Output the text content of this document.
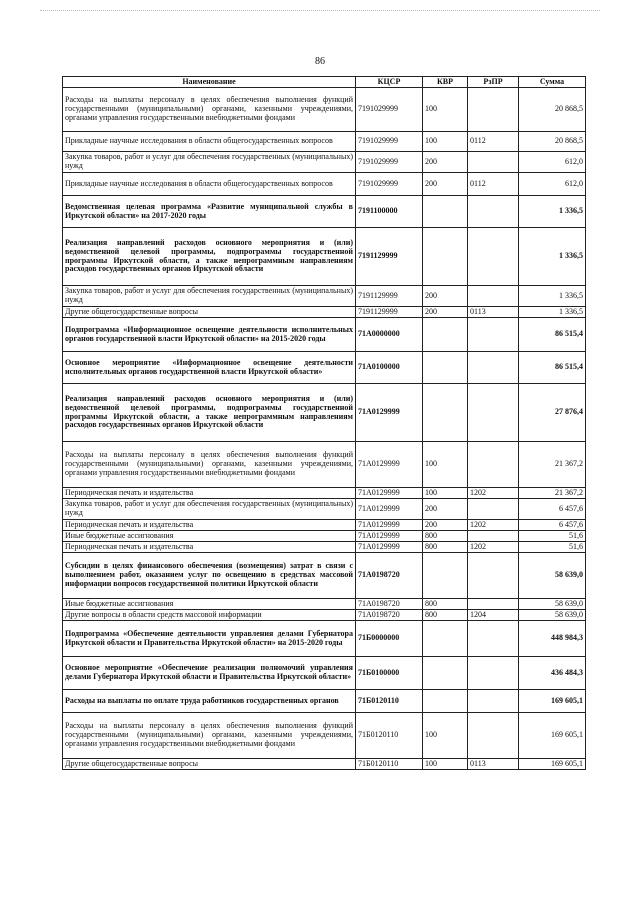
86
Наименование	КЦСР	КВР	РзПР	Сумма
Расходы на выплаты персоналу в целях обеспечения выполнения функций государственными (муниципальными) органами, казенными учреждениями, органами управления государственными внебюджетными фондами	7191029999	100		20 868,5
Прикладные научные исследования в области общегосударственных вопросов	7191029999	100	0112	20 868,5
Закупка товаров, работ и услуг для обеспечения государственных (муниципальных) нужд	7191029999	200		612,0
Прикладные научные исследования в области общегосударственных вопросов	7191029999	200	0112	612,0
Ведомственная целевая программа «Развитие муниципальной службы в Иркутской области» на 2017-2020 годы	7191100000			1 336,5
Реализация направлений расходов основного мероприятия и (или) ведомственной целевой программы, подпрограммы государственной программы Иркутской области, а также непрограммным направлениям расходов государственных органов Иркутской области	7191129999			1 336,5
Закупка товаров, работ и услуг для обеспечения государственных (муниципальных) нужд	7191129999	200		1 336,5
Другие общегосударственные вопросы	7191129999	200	0113	1 336,5
Подпрограмма «Информационное освещение деятельности исполнительных органов государственной власти Иркутской области» на 2015-2020 годы	71А0000000			86 515,4
Основное мероприятие «Информационное освещение деятельности исполнительных органов государственной власти Иркутской области»	71А0100000			86 515,4
Реализация направлений расходов основного мероприятия и (или) ведомственной целевой программы, подпрограммы государственной программы Иркутской области, а также непрограммным направлениям расходов государственных органов Иркутской области	71А0129999			27 876,4
Расходы на выплаты персоналу в целях обеспечения выполнения функций государственными (муниципальными) органами, казенными учреждениями, органами управления государственными внебюджетными фондами	71А0129999	100		21 367,2
Периодическая печать и издательства	71А0129999	100	1202	21 367,2
Закупка товаров, работ и услуг для обеспечения государственных (муниципальных) нужд	71А0129999	200		6 457,6
Периодическая печать и издательства	71А0129999	200	1202	6 457,6
Иные бюджетные ассигнования	71А0129999	800		51,6
Периодическая печать и издательства	71А0129999	800	1202	51,6
Субсидии в целях финансового обеспечения (возмещения) затрат в связи с выполнением работ, оказанием услуг по освещению в средствах массовой информации вопросов государственной политики Иркутской области	71А0198720			58 639,0
Иные бюджетные ассигнования	71А0198720	800		58 639,0
Другие вопросы в области средств массовой информации	71А0198720	800	1204	58 639,0
Подпрограмма «Обеспечение деятельности управления делами Губернатора Иркутской области и Правительства Иркутской области» на 2015-2020 годы	71Б0000000			448 984,3
Основное мероприятие «Обеспечение реализации полномочий управления делами Губернатора Иркутской области и Правительства Иркутской области»	71Б0100000			436 484,3
Расходы на выплаты по оплате труда работников государственных органов	71Б0120110			169 605,1
Расходы на выплаты персоналу в целях обеспечения выполнения функций государственными (муниципальными) органами, казенными учреждениями, органами управления государственными внебюджетными фондами	71Б0120110	100		169 605,1
Другие общегосударственные вопросы	71Б0120110	100	0113	169 605,1
